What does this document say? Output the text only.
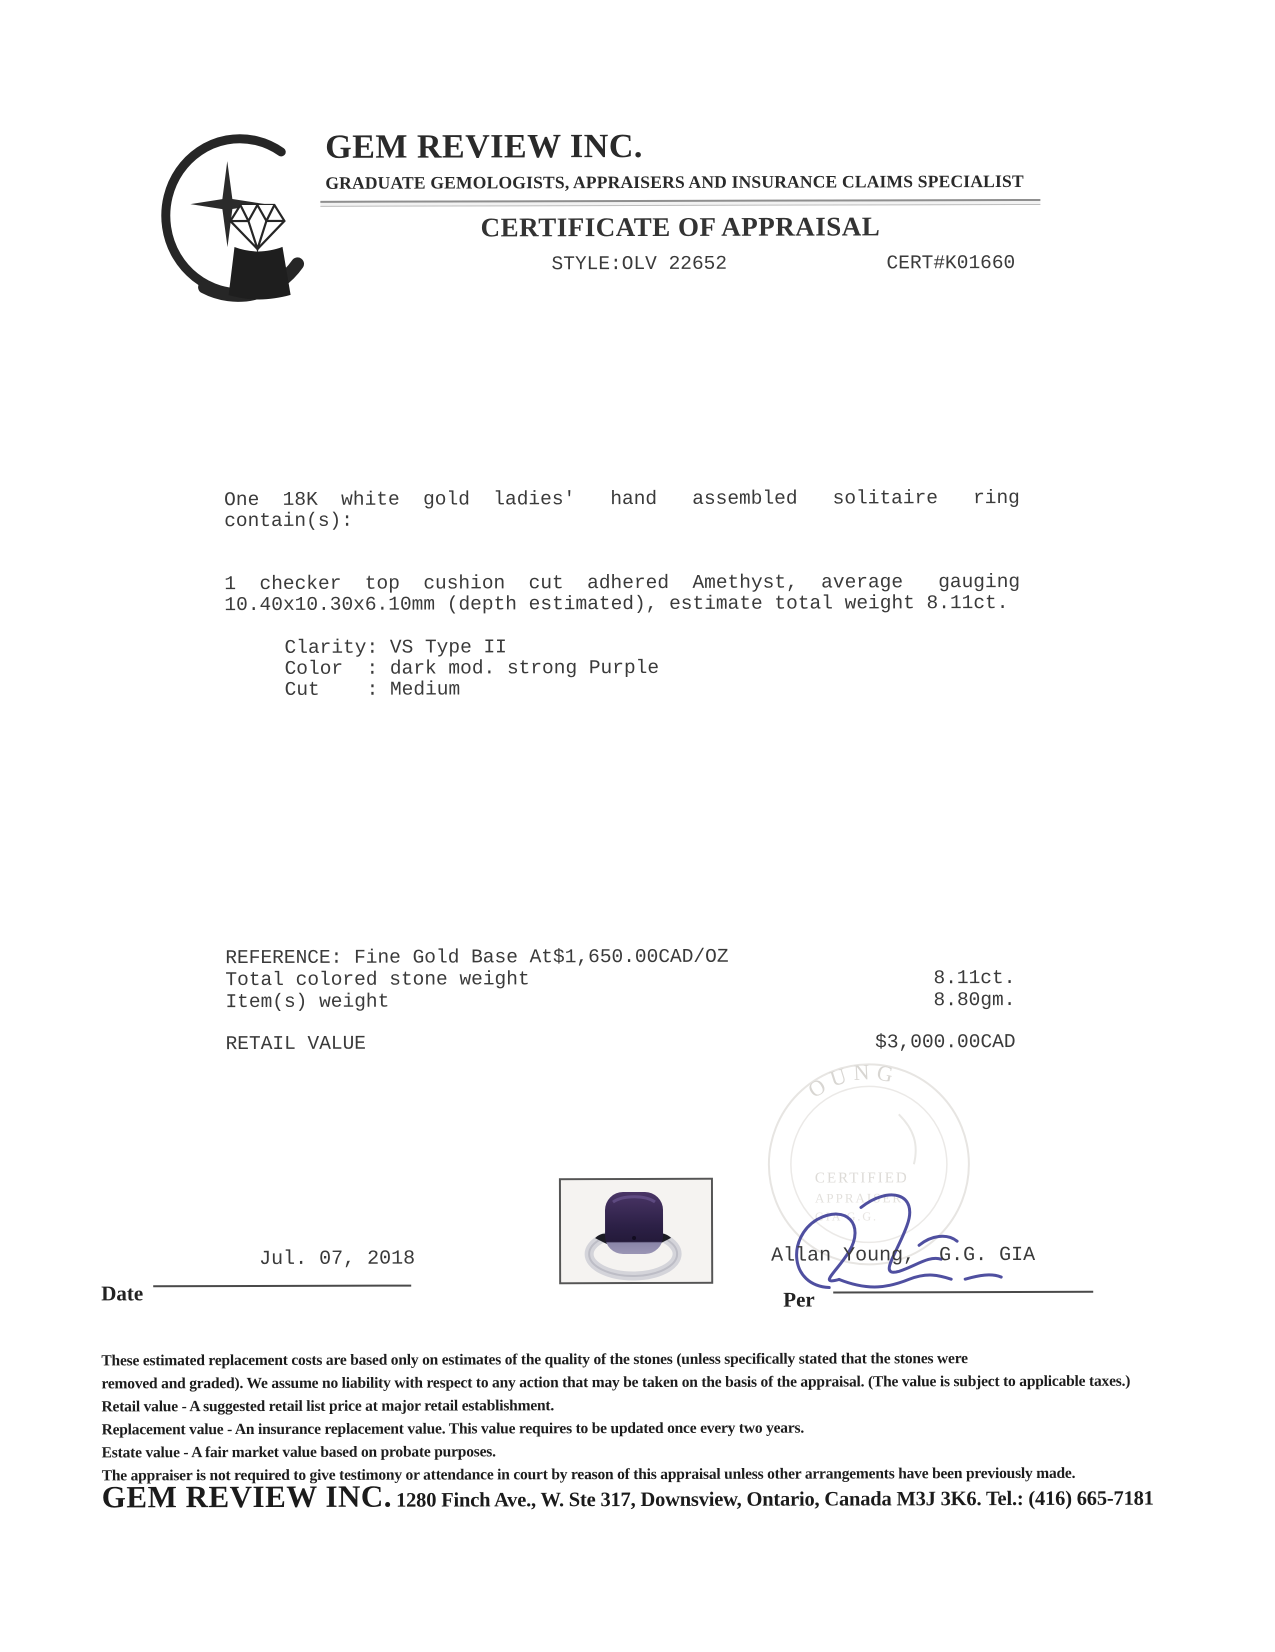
GEM REVIEW INC.
GRADUATE GEMOLOGISTS, APPRAISERS AND INSURANCE CLAIMS SPECIALIST
CERTIFICATE OF APPRAISAL
STYLE:OLV 22652	CERT#K01660
One  18K  white  gold  ladies'   hand   assembled   solitaire   ring
contain(s):
1  checker  top  cushion  cut  adhered  Amethyst,  average   gauging
10.40x10.30x6.10mm (depth estimated), estimate total weight 8.11ct.
Clarity: VS Type II
Color  : dark mod. strong Purple
Cut    : Medium
REFERENCE: Fine Gold Base At$1,650.00CAD/OZ
Total colored stone weight	8.11ct.
Item(s) weight	8.80gm.
RETAIL VALUE	$3,000.00CAD
OUNG
CERTIFIED
APPRAISER
GIA G.G.
Jul. 07, 2018	Allan Young,  G.G. GIA
Date	Per
These estimated replacement costs are based only on estimates of the quality of the stones (unless specifically stated that the stones were
removed and graded). We assume no liability with respect to any action that may be taken on the basis of the appraisal. (The value is subject to applicable taxes.)
Retail value - A suggested retail list price at major retail establishment.
Replacement value - An insurance replacement value. This value requires to be updated once every two years.
Estate value - A fair market value based on probate purposes.
The appraiser is not required to give testimony or attendance in court by reason of this appraisal unless other arrangements have been previously made.
GEM REVIEW INC. 1280 Finch Ave., W. Ste 317, Downsview, Ontario, Canada M3J 3K6. Tel.: (416) 665-7181
